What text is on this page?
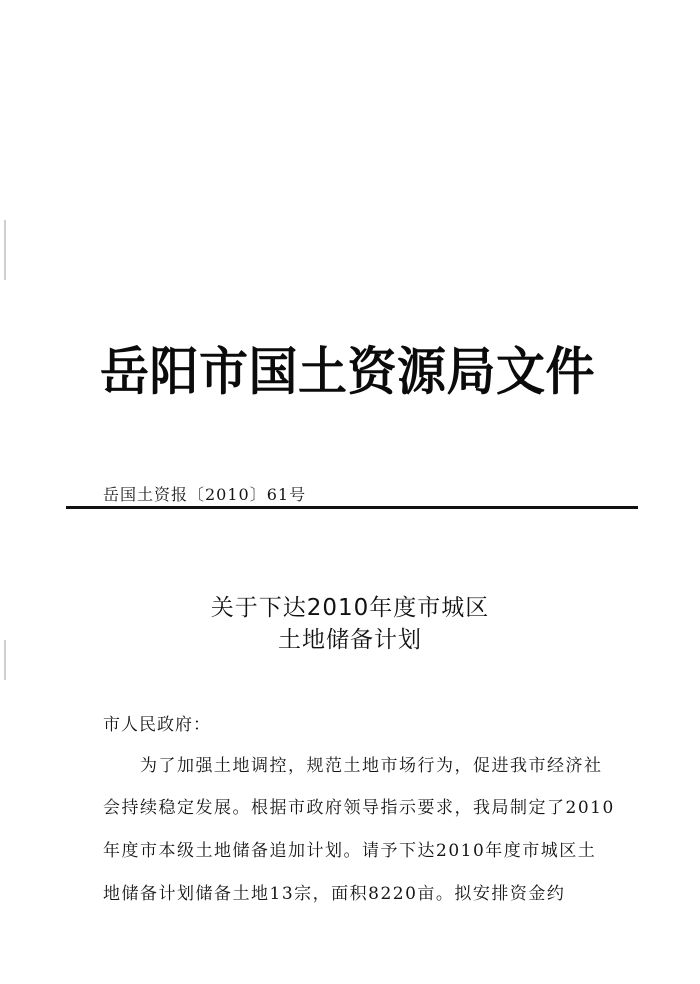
岳阳市国土资源局文件
岳国土资报〔2010〕61号
关于下达2010年度市城区
土地储备计划
市人民政府：
为了加强土地调控，规范土地市场行为，促进我市经济社
会持续稳定发展。根据市政府领导指示要求，我局制定了2010
年度市本级土地储备追加计划。请予下达2010年度市城区土
地储备计划储备土地13宗，面积8220亩。拟安排资金约
